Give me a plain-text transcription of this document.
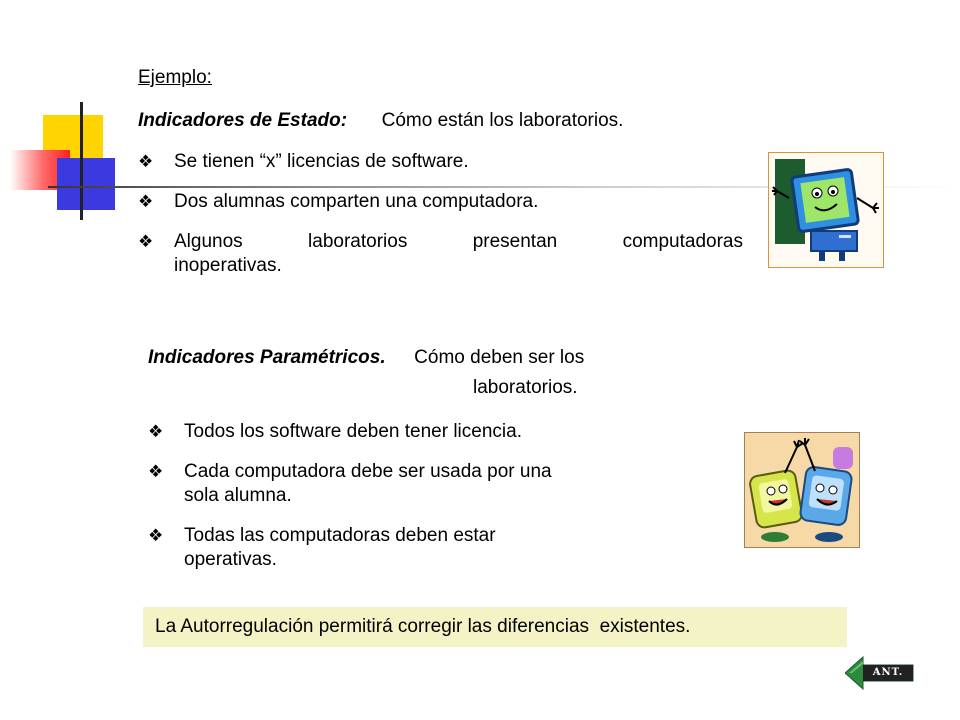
Ejemplo:
Indicadores de Estado: Cómo están los laboratorios.
❖	Se tienen “x” licencias de software.
❖	Dos alumnas comparten una computadora.
❖	Algunos	laboratorios	presentan	computadoras
inoperativas.
Indicadores Paramétricos. Cómo deben ser los
laboratorios.
❖	Todos los software deben tener licencia.
❖	Cada computadora debe ser usada por una
sola alumna.
❖	Todas las computadoras deben estar
operativas.
La Autorregulación permitirá corregir las diferencias  existentes.
ANT.
